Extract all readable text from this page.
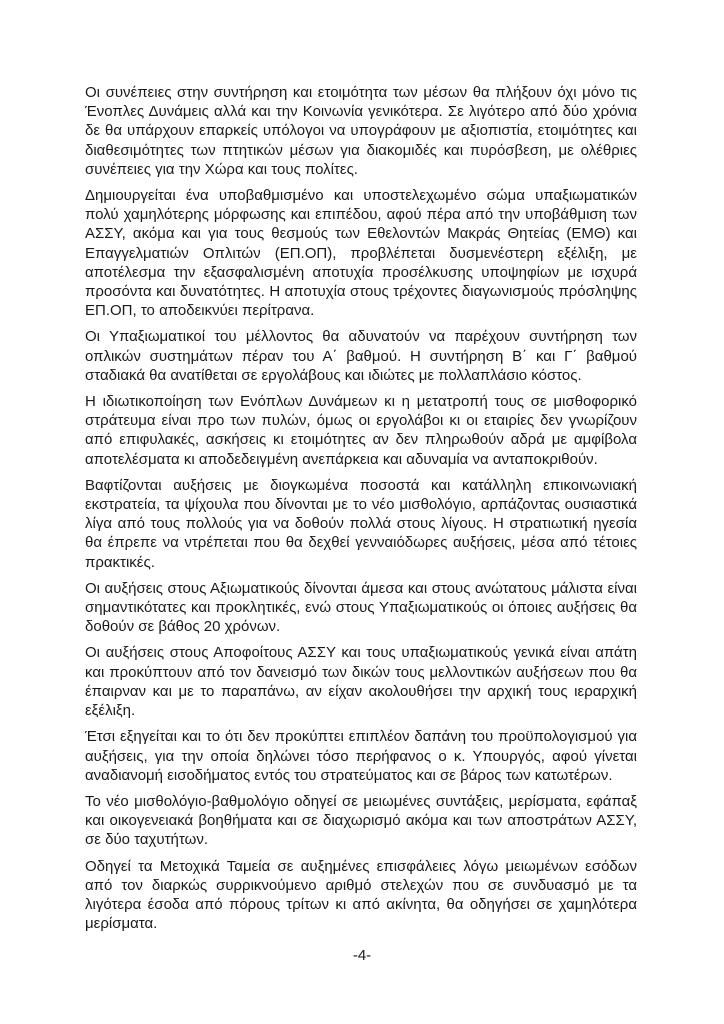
Οι συνέπειες στην συντήρηση και ετοιμότητα των μέσων θα πλήξουν όχι μόνο τις Ένοπλες Δυνάμεις αλλά και την Κοινωνία γενικότερα. Σε λιγότερο από δύο χρόνια δε θα υπάρχουν επαρκείς υπόλογοι να υπογράφουν με αξιοπιστία, ετοιμότητες και διαθεσιμότητες των πτητικών μέσων για διακομιδές και πυρόσβεση, με ολέθριες συνέπειες για την Χώρα και τους πολίτες.

Δημιουργείται ένα υποβαθμισμένο και υποστελεχωμένο σώμα υπαξιωματικών πολύ χαμηλότερης μόρφωσης και επιπέδου, αφού πέρα από την υποβάθμιση των ΑΣΣΥ, ακόμα και για τους θεσμούς των Εθελοντών Μακράς Θητείας (ΕΜΘ) και Επαγγελματιών Οπλιτών (ΕΠ.ΟΠ), προβλέπεται δυσμενέστερη εξέλιξη, με αποτέλεσμα την εξασφαλισμένη αποτυχία προσέλκυσης υποψηφίων με ισχυρά προσόντα και δυνατότητες. Η αποτυχία στους τρέχοντες διαγωνισμούς πρόσληψης ΕΠ.ΟΠ, το αποδεικνύει περίτρανα.

Οι Υπαξιωματικοί του μέλλοντος θα αδυνατούν να παρέχουν συντήρηση των οπλικών συστημάτων πέραν του Α΄ βαθμού. Η συντήρηση Β΄ και Γ΄ βαθμού σταδιακά θα ανατίθεται σε εργολάβους και ιδιώτες με πολλαπλάσιο κόστος.

Η ιδιωτικοποίηση των Ενόπλων Δυνάμεων κι η μετατροπή τους σε μισθοφορικό στράτευμα είναι προ των πυλών, όμως οι εργολάβοι κι οι εταιρίες δεν γνωρίζουν από επιφυλακές, ασκήσεις κι ετοιμότητες αν δεν πληρωθούν αδρά με αμφίβολα αποτελέσματα κι αποδεδειγμένη ανεπάρκεια και αδυναμία να ανταποκριθούν.

Βαφτίζονται αυξήσεις με διογκωμένα ποσοστά και κατάλληλη επικοινωνιακή εκστρατεία, τα ψίχουλα που δίνονται με το νέο μισθολόγιο, αρπάζοντας ουσιαστικά λίγα από τους πολλούς για να δοθούν πολλά στους λίγους. Η στρατιωτική ηγεσία θα έπρεπε να ντρέπεται που θα δεχθεί γενναιόδωρες αυξήσεις, μέσα από τέτοιες πρακτικές.

Οι αυξήσεις στους Αξιωματικούς δίνονται άμεσα και στους ανώτατους μάλιστα είναι σημαντικότατες και προκλητικές, ενώ στους Υπαξιωματικούς οι όποιες αυξήσεις θα δοθούν σε βάθος 20 χρόνων.

Οι αυξήσεις στους Αποφοίτους ΑΣΣΥ και τους υπαξιωματικούς γενικά είναι απάτη και προκύπτουν από τον δανεισμό των δικών τους μελλοντικών αυξήσεων που θα έπαιρναν και με το παραπάνω, αν είχαν ακολουθήσει την αρχική τους ιεραρχική εξέλιξη.

Έτσι εξηγείται και το ότι δεν προκύπτει επιπλέον δαπάνη του προϋπολογισμού για αυξήσεις, για την οποία δηλώνει τόσο περήφανος ο κ. Υπουργός, αφού γίνεται αναδιανομή εισοδήματος εντός του στρατεύματος και σε βάρος των κατωτέρων.

Το νέο μισθολόγιο-βαθμολόγιο οδηγεί σε μειωμένες συντάξεις, μερίσματα, εφάπαξ και οικογενειακά βοηθήματα και σε διαχωρισμό ακόμα και των αποστράτων ΑΣΣΥ, σε δύο ταχυτήτων.

Οδηγεί τα Μετοχικά Ταμεία σε αυξημένες επισφάλειες λόγω μειωμένων εσόδων από τον διαρκώς συρρικνούμενο αριθμό στελεχών που σε συνδυασμό με τα λιγότερα έσοδα από πόρους τρίτων κι από ακίνητα, θα οδηγήσει σε χαμηλότερα μερίσματα.

-4-
